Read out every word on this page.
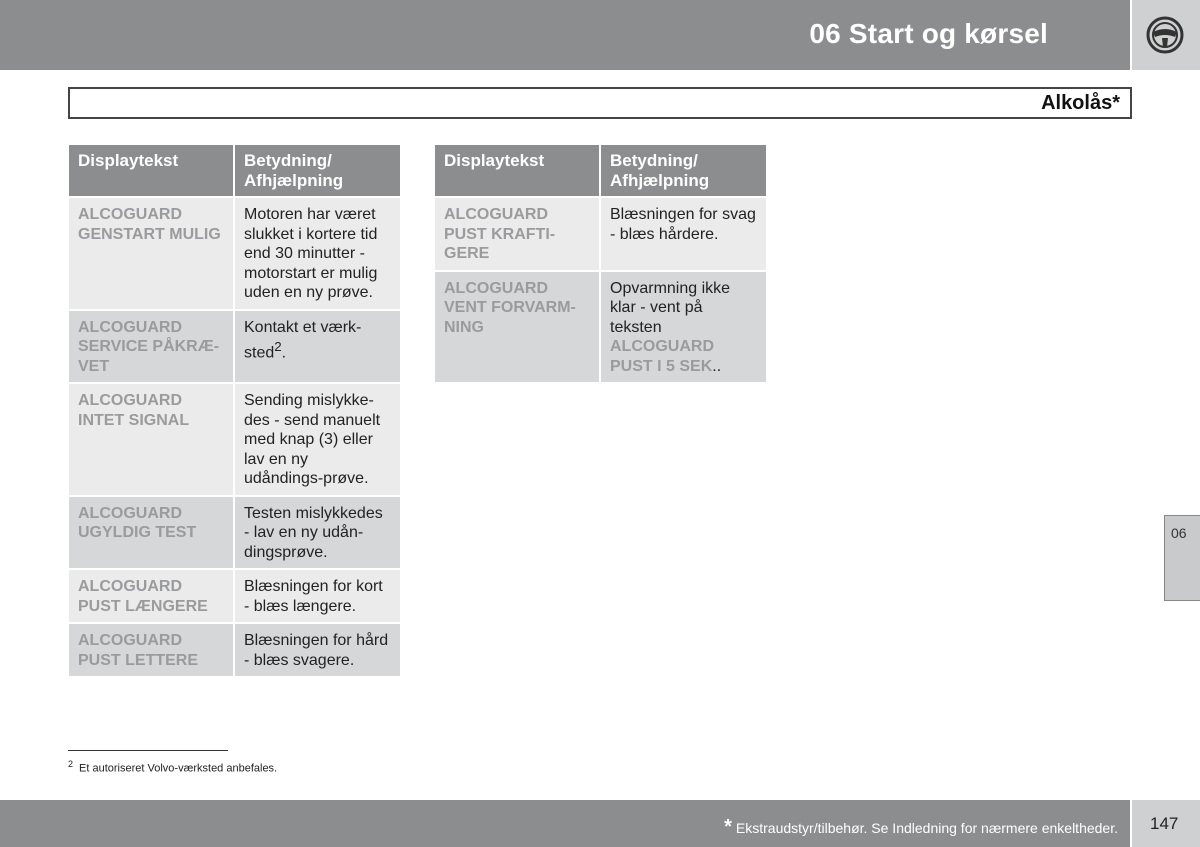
06 Start og kørsel
Alkolås*
Displaytekst	Betydning/ Afhjælpning
ALCOGUARD GENSTART MULIG	Motoren har været slukket i kortere tid end 30 minutter - motorstart er mulig uden en ny prøve.
ALCOGUARD SERVICE PÅKRÆ-VET	Kontakt et værk-sted$^2$.
ALCOGUARD INTET SIGNAL	Sending mislykke-des - send manuelt med knap (3) eller lav en ny udåndings-prøve.
ALCOGUARD UGYLDIG TEST	Testen mislykkedes - lav en ny udån-dingsprøve.
ALCOGUARD PUST LÆNGERE	Blæsningen for kort - blæs længere.
ALCOGUARD PUST LETTERE	Blæsningen for hård - blæs svagere.
Displaytekst	Betydning/ Afhjælpning
ALCOGUARD PUST KRAFTI-GERE	Blæsningen for svag - blæs hårdere.
ALCOGUARD VENT FORVARM-NING	Opvarmning ikke klar - vent på teksten ALCOGUARD PUST I 5 SEK..
06
$^2$ Et autoriseret Volvo-værksted anbefales.
* Ekstraudstyr/tilbehør. Se Indledning for nærmere enkeltheder. 147
